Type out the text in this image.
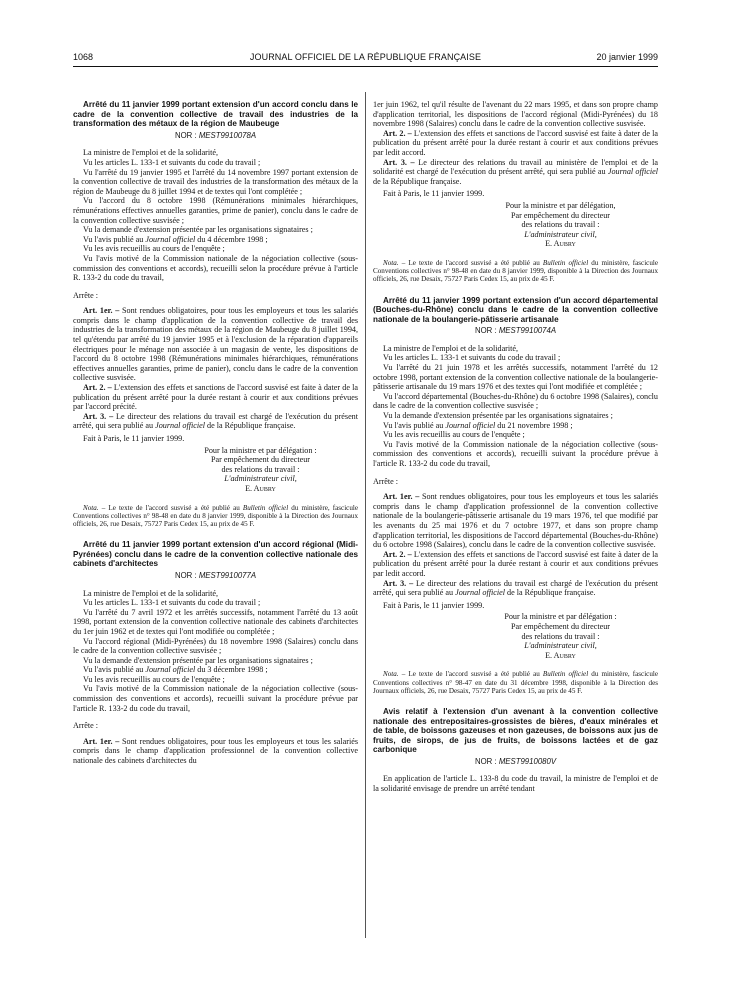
1068	JOURNAL OFFICIEL DE LA RÉPUBLIQUE FRANÇAISE	20 janvier 1999

Arrêté du 11 janvier 1999 portant extension d'un accord conclu dans le cadre de la convention collective de travail des industries de la transformation des métaux de la région de Maubeuge

NOR : MESТ9910078A

La ministre de l'emploi et de la solidarité,

Vu les articles L. 133-1 et suivants du code du travail ;

Vu l'arrêté du 19 janvier 1995 et l'arrêté du 14 novembre 1997 portant extension de la convention collective de travail des industries de la transformation des métaux de la région de Maubeuge du 8 juillet 1994 et de textes qui l'ont complétée ;

Vu l'accord du 8 octobre 1998 (Rémunérations minimales hiérarchiques, rémunérations effectives annuelles garanties, prime de panier), conclu dans le cadre de la convention collective susvisée ;

Vu la demande d'extension présentée par les organisations signataires ;

Vu l'avis publié au Journal officiel du 4 décembre 1998 ;

Vu les avis recueillis au cours de l'enquête ;

Vu l'avis motivé de la Commission nationale de la négociation collective (sous-commission des conventions et accords), recueilli selon la procédure prévue à l'article R. 133-2 du code du travail,

Arrête :

Art. 1er. – Sont rendues obligatoires, pour tous les employeurs et tous les salariés compris dans le champ d'application de la convention collective de travail des industries de la transformation des métaux de la région de Maubeuge du 8 juillet 1994, tel qu'étendu par arrêté du 19 janvier 1995 et à l'exclusion de la réparation d'appareils électriques pour le ménage non associée à un magasin de vente, les dispositions de l'accord du 8 octobre 1998 (Rémunérations minimales hiérarchiques, rémunérations effectives annuelles garanties, prime de panier), conclu dans le cadre de la convention collective susvisée.

Art. 2. – L'extension des effets et sanctions de l'accord susvisé est faite à dater de la publication du présent arrêté pour la durée restant à courir et aux conditions prévues par l'accord précité.

Art. 3. – Le directeur des relations du travail est chargé de l'exécution du présent arrêté, qui sera publié au Journal officiel de la République française.

Fait à Paris, le 11 janvier 1999.

Pour la ministre et par délégation :
Par empêchement du directeur
des relations du travail :
L'administrateur civil,
E. Aubry

Nota. – Le texte de l'accord susvisé a été publié au Bulletin officiel du ministère, fascicule Conventions collectives n° 98-48 en date du 8 janvier 1999, disponible à la Direction des Journaux officiels, 26, rue Desaix, 75727 Paris Cedex 15, au prix de 45 F.

Arrêté du 11 janvier 1999 portant extension d'un accord régional (Midi-Pyrénées) conclu dans le cadre de la convention collective nationale des cabinets d'architectes

NOR : MESТ9910077A

La ministre de l'emploi et de la solidarité,

Vu les articles L. 133-1 et suivants du code du travail ;

Vu l'arrêté du 7 avril 1972 et les arrêtés successifs, notamment l'arrêté du 13 août 1998, portant extension de la convention collective nationale des cabinets d'architectes du 1er juin 1962 et de textes qui l'ont modifiée ou complétée ;

Vu l'accord régional (Midi-Pyrénées) du 18 novembre 1998 (Salaires) conclu dans le cadre de la convention collective susvisée ;

Vu la demande d'extension présentée par les organisations signataires ;

Vu l'avis publié au Journal officiel du 3 décembre 1998 ;

Vu les avis recueillis au cours de l'enquête ;

Vu l'avis motivé de la Commission nationale de la négociation collective (sous-commission des conventions et accords), recueilli suivant la procédure prévue par l'article R. 133-2 du code du travail,

Arrête :

Art. 1er. – Sont rendues obligatoires, pour tous les employeurs et tous les salariés compris dans le champ d'application professionnel de la convention collective nationale des cabinets d'architectes du

1er juin 1962, tel qu'il résulte de l'avenant du 22 mars 1995, et dans son propre champ d'application territorial, les dispositions de l'accord régional (Midi-Pyrénées) du 18 novembre 1998 (Salaires) conclu dans le cadre de la convention collective susvisée.

Art. 2. – L'extension des effets et sanctions de l'accord susvisé est faite à dater de la publication du présent arrêté pour la durée restant à courir et aux conditions prévues par ledit accord.

Art. 3. – Le directeur des relations du travail au ministère de l'emploi et de la solidarité est chargé de l'exécution du présent arrêté, qui sera publié au Journal officiel de la République française.

Fait à Paris, le 11 janvier 1999.

Pour la ministre et par délégation,
Par empêchement du directeur
des relations du travail :
L'administrateur civil,
E. Aubry

Nota. – Le texte de l'accord susvisé a été publié au Bulletin officiel du ministère, fascicule Conventions collectives n° 98-48 en date du 8 janvier 1999, disponible à la Direction des Journaux officiels, 26, rue Desaix, 75727 Paris Cedex 15, au prix de 45 F.

Arrêté du 11 janvier 1999 portant extension d'un accord départemental (Bouches-du-Rhône) conclu dans le cadre de la convention collective nationale de la boulangerie-pâtisserie artisanale

NOR : MESТ9910074A

La ministre de l'emploi et de la solidarité,

Vu les articles L. 133-1 et suivants du code du travail ;

Vu l'arrêté du 21 juin 1978 et les arrêtés successifs, notamment l'arrêté du 12 octobre 1998, portant extension de la convention collective nationale de la boulangerie-pâtisserie artisanale du 19 mars 1976 et des textes qui l'ont modifiée et complétée ;

Vu l'accord départemental (Bouches-du-Rhône) du 6 octobre 1998 (Salaires), conclu dans le cadre de la convention collective susvisée ;

Vu la demande d'extension présentée par les organisations signataires ;

Vu l'avis publié au Journal officiel du 21 novembre 1998 ;

Vu les avis recueillis au cours de l'enquête ;

Vu l'avis motivé de la Commission nationale de la négociation collective (sous-commission des conventions et accords), recueilli suivant la procédure prévue à l'article R. 133-2 du code du travail,

Arrête :

Art. 1er. – Sont rendues obligatoires, pour tous les employeurs et tous les salariés compris dans le champ d'application professionnel de la convention collective nationale de la boulangerie-pâtisserie artisanale du 19 mars 1976, tel que modifié par les avenants du 25 mai 1976 et du 7 octobre 1977, et dans son propre champ d'application territorial, les dispositions de l'accord départemental (Bouches-du-Rhône) du 6 octobre 1998 (Salaires), conclu dans le cadre de la convention collective susvisée.

Art. 2. – L'extension des effets et sanctions de l'accord susvisé est faite à dater de la publication du présent arrêté pour la durée restant à courir et aux conditions prévues par ledit accord.

Art. 3. – Le directeur des relations du travail est chargé de l'exécution du présent arrêté, qui sera publié au Journal officiel de la République française.

Fait à Paris, le 11 janvier 1999.

Pour la ministre et par délégation :
Par empêchement du directeur
des relations du travail :
L'administrateur civil,
E. Aubry

Nota. – Le texte de l'accord susvisé a été publié au Bulletin officiel du ministère, fascicule Conventions collectives n° 98-47 en date du 31 décembre 1998, disponible à la Direction des Journaux officiels, 26, rue Desaix, 75727 Paris Cedex 15, au prix de 45 F.

Avis relatif à l'extension d'un avenant à la convention collective nationale des entrepositaires-grossistes de bières, d'eaux minérales et de table, de boissons gazeuses et non gazeuses, de boissons aux jus de fruits, de sirops, de jus de fruits, de boissons lactées et de gaz carbonique

NOR : MESТ9910080V

En application de l'article L. 133-8 du code du travail, la ministre de l'emploi et de la solidarité envisage de prendre un arrêté tendant
